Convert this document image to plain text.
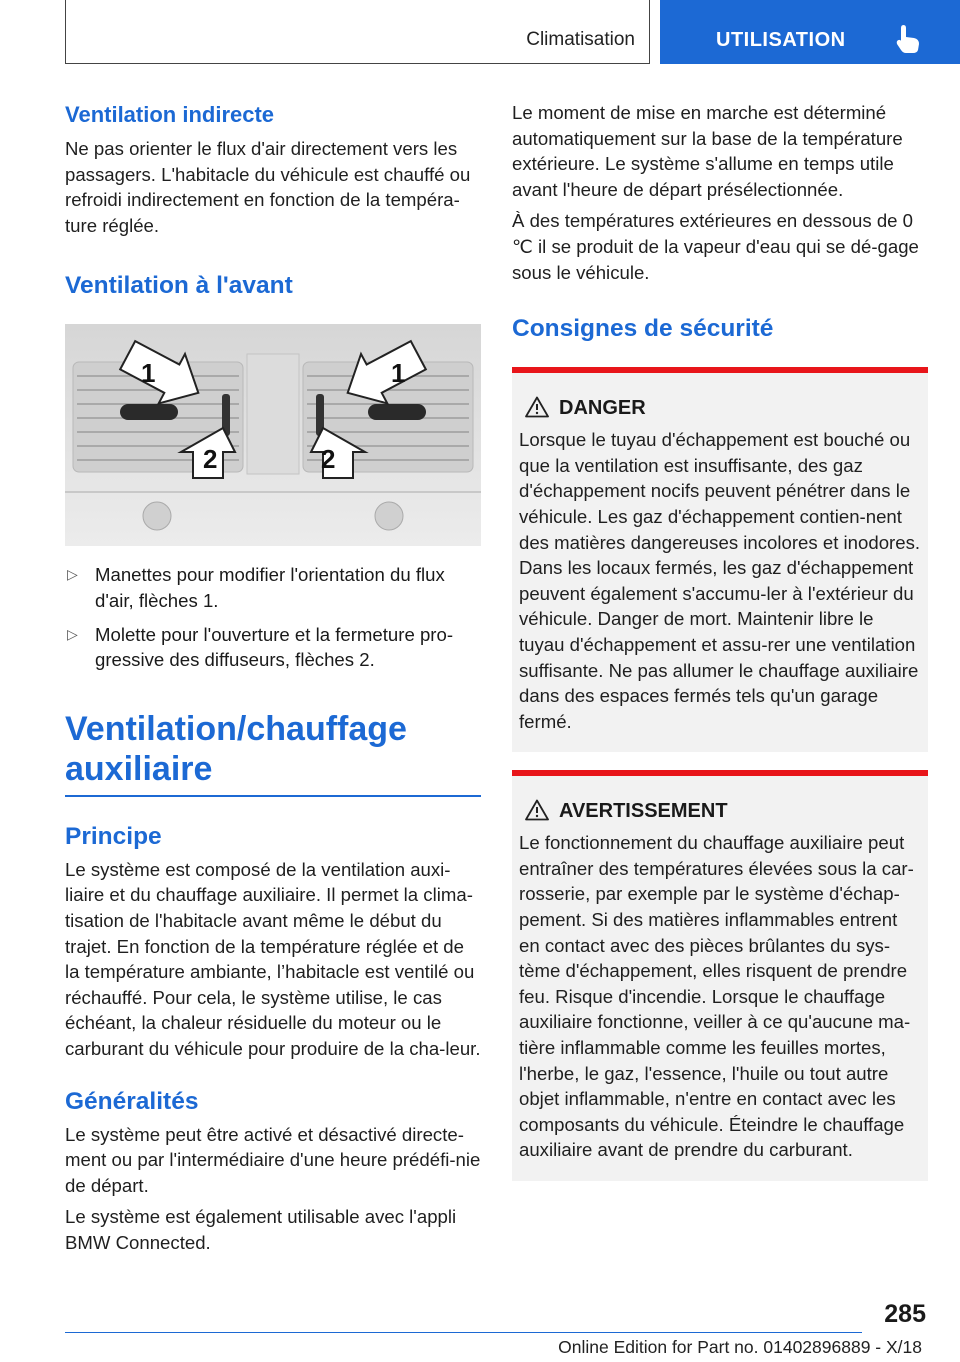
Climatisation	UTILISATION
Ventilation indirecte

Ne pas orienter le flux d'air directement vers les passagers. L'habitacle du véhicule est chauffé ou refroidi indirectement en fonction de la tempéra-ture réglée.

Ventilation à l'avant
1	1
2	2
▷ Manettes pour modifier l'orientation du flux d'air, flèches 1.
▷ Molette pour l'ouverture et la fermeture pro-gressive des diffuseurs, flèches 2.
Ventilation/chauffage
auxiliaire
Principe

Le système est composé de la ventilation auxi-liaire et du chauffage auxiliaire. Il permet la clima-tisation de l'habitacle avant même le début du trajet. En fonction de la température réglée et de la température ambiante, l’habitacle est ventilé ou réchauffé. Pour cela, le système utilise, le cas échéant, la chaleur résiduelle du moteur ou le carburant du véhicule pour produire de la cha-leur.

Généralités

Le système peut être activé et désactivé directe-ment ou par l'intermédiaire d'une heure prédéfi-nie de départ.

Le système est également utilisable avec l'appli BMW Connected.

Le moment de mise en marche est déterminé automatiquement sur la base de la température extérieure. Le système s'allume en temps utile avant l'heure de départ présélectionnée.

À des températures extérieures en dessous de 0 ℃ il se produit de la vapeur d'eau qui se dé-gage sous le véhicule.

Consignes de sécurité
DANGER

Lorsque le tuyau d'échappement est bouché ou que la ventilation est insuffisante, des gaz d'échappement nocifs peuvent pénétrer dans le véhicule. Les gaz d'échappement contien-nent des matières dangereuses incolores et inodores. Dans les locaux fermés, les gaz d'échappement peuvent également s'accumu-ler à l'extérieur du véhicule. Danger de mort. Maintenir libre le tuyau d'échappement et assu-rer une ventilation suffisante. Ne pas allumer le chauffage auxiliaire dans des espaces fermés tels qu'un garage fermé.

AVERTISSEMENT

Le fonctionnement du chauffage auxiliaire peut entraîner des températures élevées sous la car-rosserie, par exemple par le système d'échap-pement. Si des matières inflammables entrent en contact avec des pièces brûlantes du sys-tème d'échappement, elles risquent de prendre feu. Risque d'incendie. Lorsque le chauffage auxiliaire fonctionne, veiller à ce qu'aucune ma-tière inflammable comme les feuilles mortes, l'herbe, le gaz, l'essence, l'huile ou tout autre objet inflammable, n'entre en contact avec les composants du véhicule. Éteindre le chauffage auxiliaire avant de prendre du carburant.

285
Online Edition for Part no. 01402896889 - X/18
